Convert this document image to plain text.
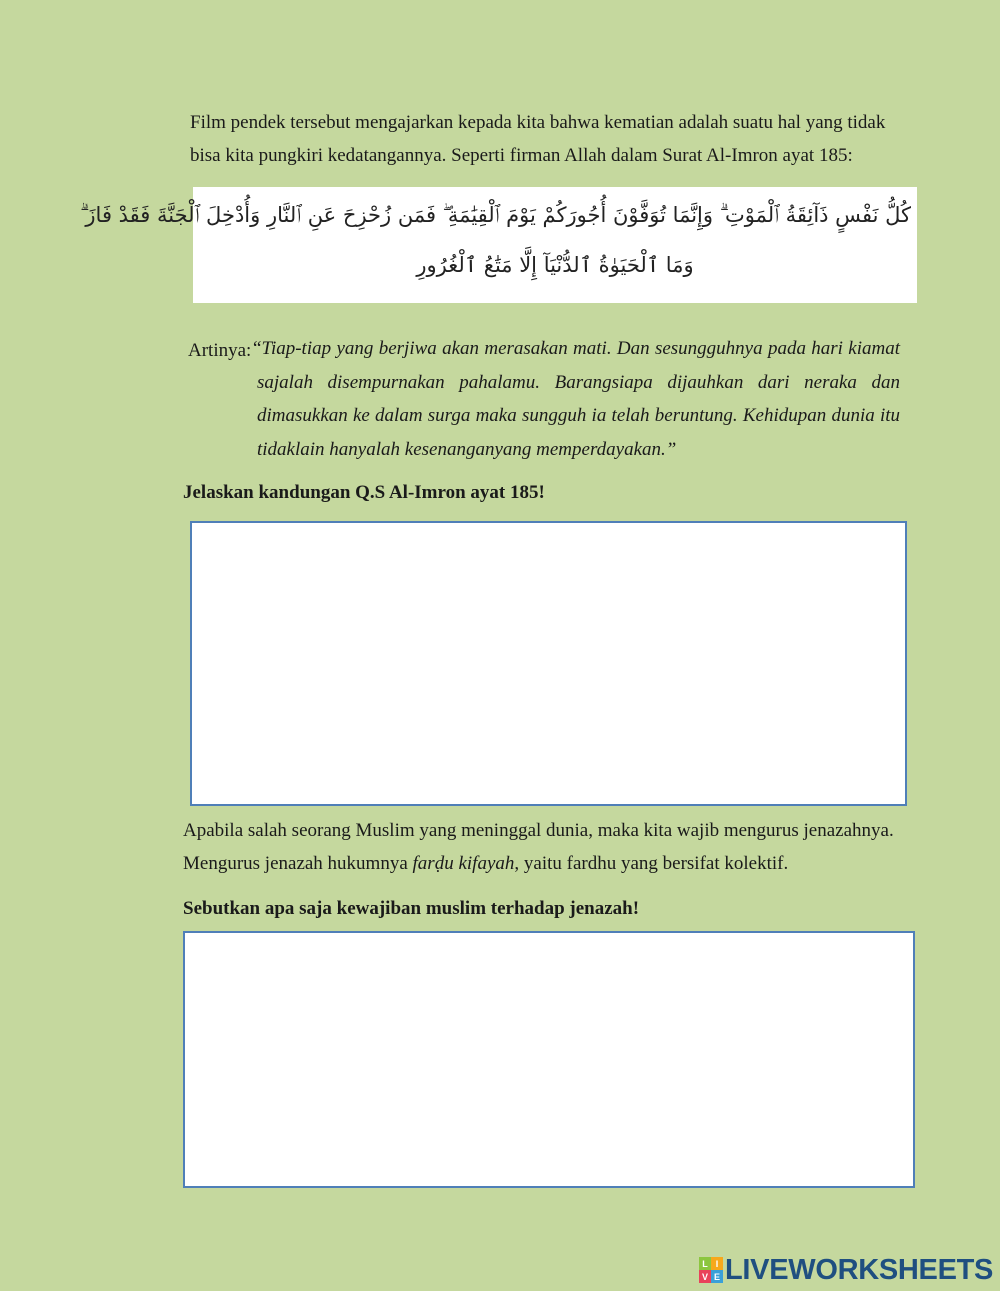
Film pendek tersebut mengajarkan kepada kita bahwa kematian adalah suatu hal yang tidak
bisa kita pungkiri kedatangannya. Seperti firman Allah dalam Surat Al-Imron ayat 185:
كُلُّ نَفْسٍ ذَآئِقَةُ ٱلْمَوْتِ ۗ وَإِنَّمَا تُوَفَّوْنَ أُجُورَكُمْ يَوْمَ ٱلْقِيَٰمَةِ ۖ فَمَن زُحْزِحَ عَنِ ٱلنَّارِ وَأُدْخِلَ ٱلْجَنَّةَ فَقَدْ فَازَ ۗ
وَمَا ٱلْحَيَوٰةُ ٱلدُّنْيَآ إِلَّا مَتَٰعُ ٱلْغُرُورِ
Artinya: “Tiap-tiap yang berjiwa akan merasakan mati. Dan sesungguhnya pada hari kiamat sajalah disempurnakan pahalamu. Barangsiapa dijauhkan dari neraka dan dimasukkan ke dalam surga maka sungguh ia telah beruntung. Kehidupan dunia itu tidaklain hanyalah kesenanganyang memperdayakan.”
Jelaskan kandungan Q.S Al-Imron ayat 185!
Apabila salah seorang Muslim yang meninggal dunia, maka kita wajib mengurus jenazahnya.
Mengurus jenazah hukumnya farḍu kifayah, yaitu fardhu yang bersifat kolektif.
Sebutkan apa saja kewajiban muslim terhadap jenazah!
L I
V E LIVEWORKSHEETS
